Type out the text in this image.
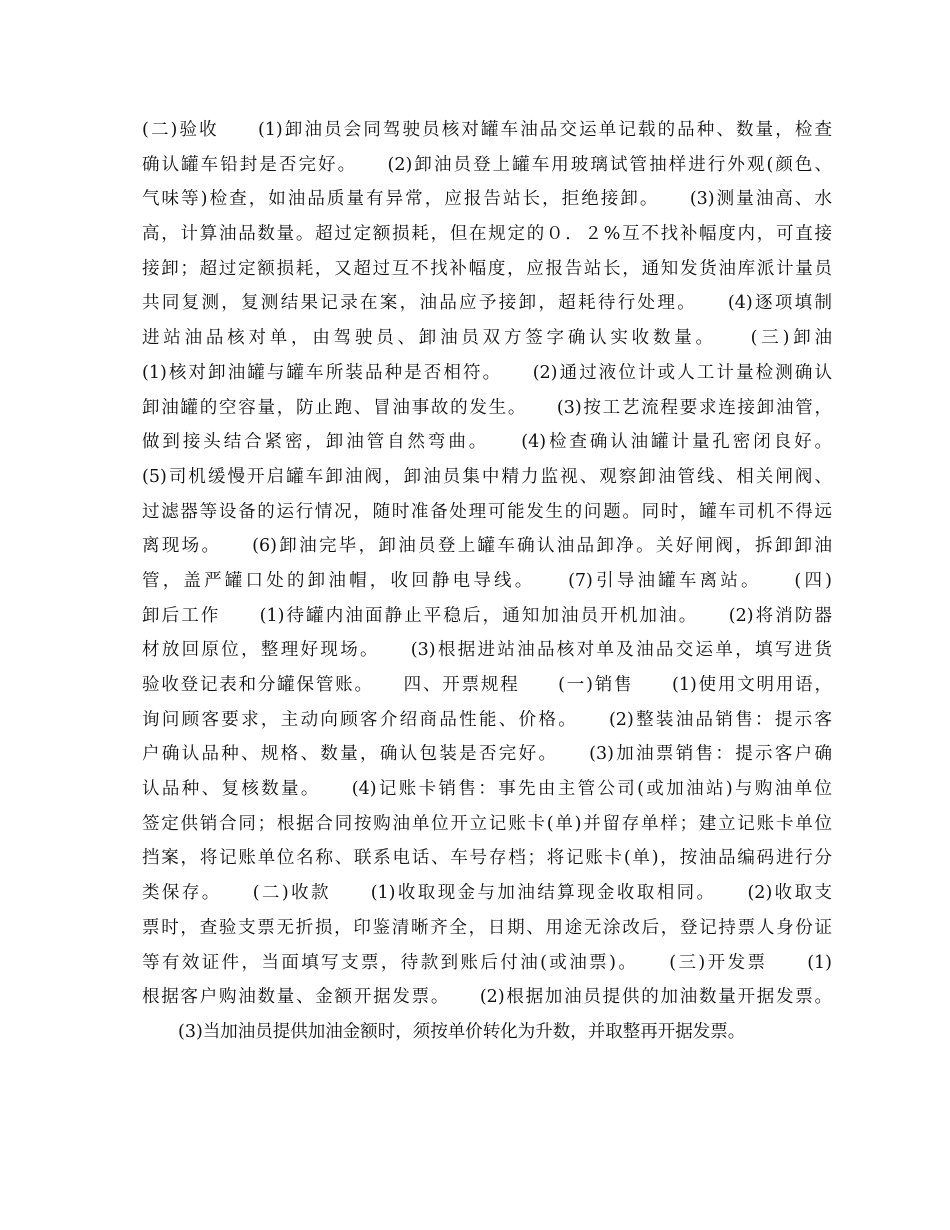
(二)验收　　(1)卸油员会同驾驶员核对罐车油品交运单记载的品种、数量，检查
确认罐车铅封是否完好。　　(2)卸油员登上罐车用玻璃试管抽样进行外观(颜色、
气味等)检查，如油品质量有异常，应报告站长，拒绝接卸。　　(3)测量油高、水
高，计算油品数量。超过定额损耗，但在规定的０．２%互不找补幅度内，可直接
接卸；超过定额损耗，又超过互不找补幅度，应报告站长，通知发货油库派计量员
共同复测，复测结果记录在案，油品应予接卸，超耗待行处理。　　(4)逐项填制
进站油品核对单，由驾驶员、卸油员双方签字确认实收数量。　　(三)卸油
(1)核对卸油罐与罐车所装品种是否相符。　　(2)通过液位计或人工计量检测确认
卸油罐的空容量，防止跑、冒油事故的发生。　　(3)按工艺流程要求连接卸油管，
做到接头结合紧密，卸油管自然弯曲。　　(4)检查确认油罐计量孔密闭良好。
(5)司机缓慢开启罐车卸油阀，卸油员集中精力监视、观察卸油管线、相关闸阀、
过滤器等设备的运行情况，随时准备处理可能发生的问题。同时，罐车司机不得远
离现场。　　(6)卸油完毕，卸油员登上罐车确认油品卸净。关好闸阀，拆卸卸油
管，盖严罐口处的卸油帽，收回静电导线。　　(7)引导油罐车离站。　　(四)
卸后工作　　(1)待罐内油面静止平稳后，通知加油员开机加油。　　(2)将消防器
材放回原位，整理好现场。　　(3)根据进站油品核对单及油品交运单，填写进货
验收登记表和分罐保管账。　　四、开票规程　　(一)销售　　(1)使用文明用语，
询问顾客要求，主动向顾客介绍商品性能、价格。　　(2)整装油品销售：提示客
户确认品种、规格、数量，确认包装是否完好。　　(3)加油票销售：提示客户确
认品种、复核数量。　　(4)记账卡销售：事先由主管公司(或加油站)与购油单位
签定供销合同；根据合同按购油单位开立记账卡(单)并留存单样；建立记账卡单位
挡案，将记账单位名称、联系电话、车号存档；将记账卡(单)，按油品编码进行分
类保存。　　(二)收款　　(1)收取现金与加油结算现金收取相同。　　(2)收取支
票时，查验支票无折损，印鉴清晰齐全，日期、用途无涂改后，登记持票人身份证
等有效证件，当面填写支票，待款到账后付油(或油票)。　　(三)开发票　　(1)
根据客户购油数量、金额开据发票。　　(2)根据加油员提供的加油数量开据发票。
(3)当加油员提供加油金额时，须按单价转化为升数，并取整再开据发票。
